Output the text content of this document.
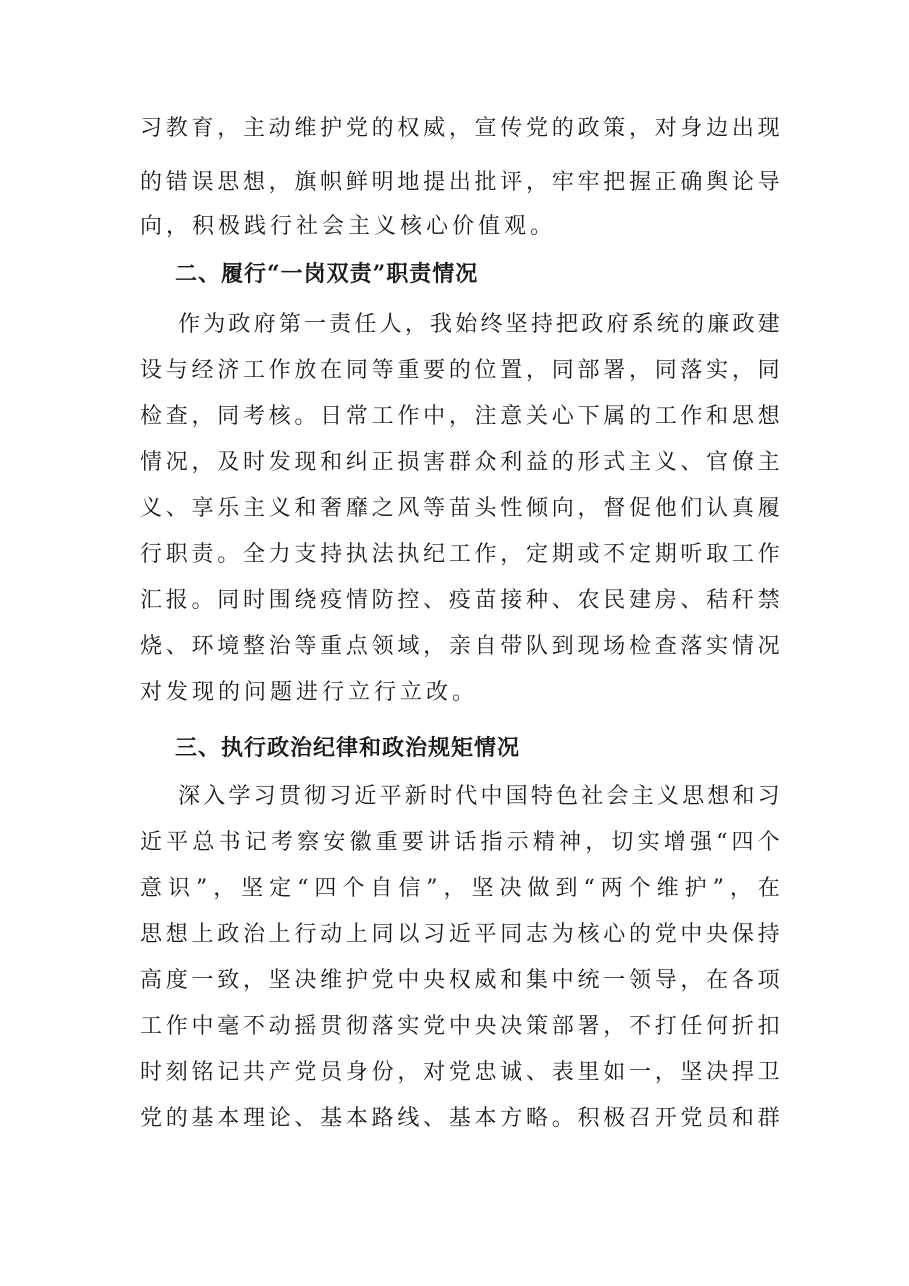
习 教 育 ， 主 动 维 护 党 的 权 威 ， 宣 传 党 的 政 策 ， 对 身 边 出 现
的 错 误 思 想 ， 旗 帜 鲜 明 地 提 出 批 评 ， 牢 牢 把 握 正 确 舆 论 导
向，积极践行社会主义核心价值观。
二、履行“一岗双责”职责情况
作 为 政 府 第 一 责 任 人 ， 我 始 终 坚 持 把 政 府 系 统 的 廉 政 建
设 与 经 济 工 作 放 在 同 等 重 要 的 位 置 ， 同 部 署 ， 同 落 实 ， 同
检 查 ， 同 考 核 。 日 常 工 作 中 ， 注 意 关 心 下 属 的 工 作 和 思 想
情 况 ， 及 时 发 现 和 纠 正 损 害 群 众 利 益 的 形 式 主 义 、 官 僚 主
义 、 享 乐 主 义 和 奢 靡 之 风 等 苗 头 性 倾 向 ， 督 促 他 们 认 真 履
行 职 责 。 全 力 支 持 执 法 执 纪 工 作 ， 定 期 或 不 定 期 听 取 工 作
汇 报 。 同 时 围 绕 疫 情 防 控 、 疫 苗 接 种 、 农 民 建 房 、 秸 秆 禁
烧 、 环 境 整 治 等 重 点 领 域 ， 亲 自 带 队 到 现 场 检 查 落 实 情 况
对发现的问题进行立行立改。
三、执行政治纪律和政治规矩情况
深 入 学 习 贯 彻 习 近 平 新 时 代 中 国 特 色 社 会 主 义 思 想 和 习
近 平 总 书 记 考 察 安 徽 重 要 讲 话 指 示 精 神 ， 切 实 增 强 “ 四 个
意 识 ” ， 坚 定 “ 四 个 自 信 ” ， 坚 决 做 到 “ 两 个 维 护 ” ， 在
思 想 上 政 治 上 行 动 上 同 以 习 近 平 同 志 为 核 心 的 党 中 央 保 持
高 度 一 致 ， 坚 决 维 护 党 中 央 权 威 和 集 中 统 一 领 导 ， 在 各 项
工 作 中 毫 不 动 摇 贯 彻 落 实 党 中 央 决 策 部 署 ， 不 打 任 何 折 扣
时 刻 铭 记 共 产 党 员 身 份 ， 对 党 忠 诚 、 表 里 如 一 ， 坚 决 捍 卫
党 的 基 本 理 论 、 基 本 路 线 、 基 本 方 略 。 积 极 召 开 党 员 和 群
